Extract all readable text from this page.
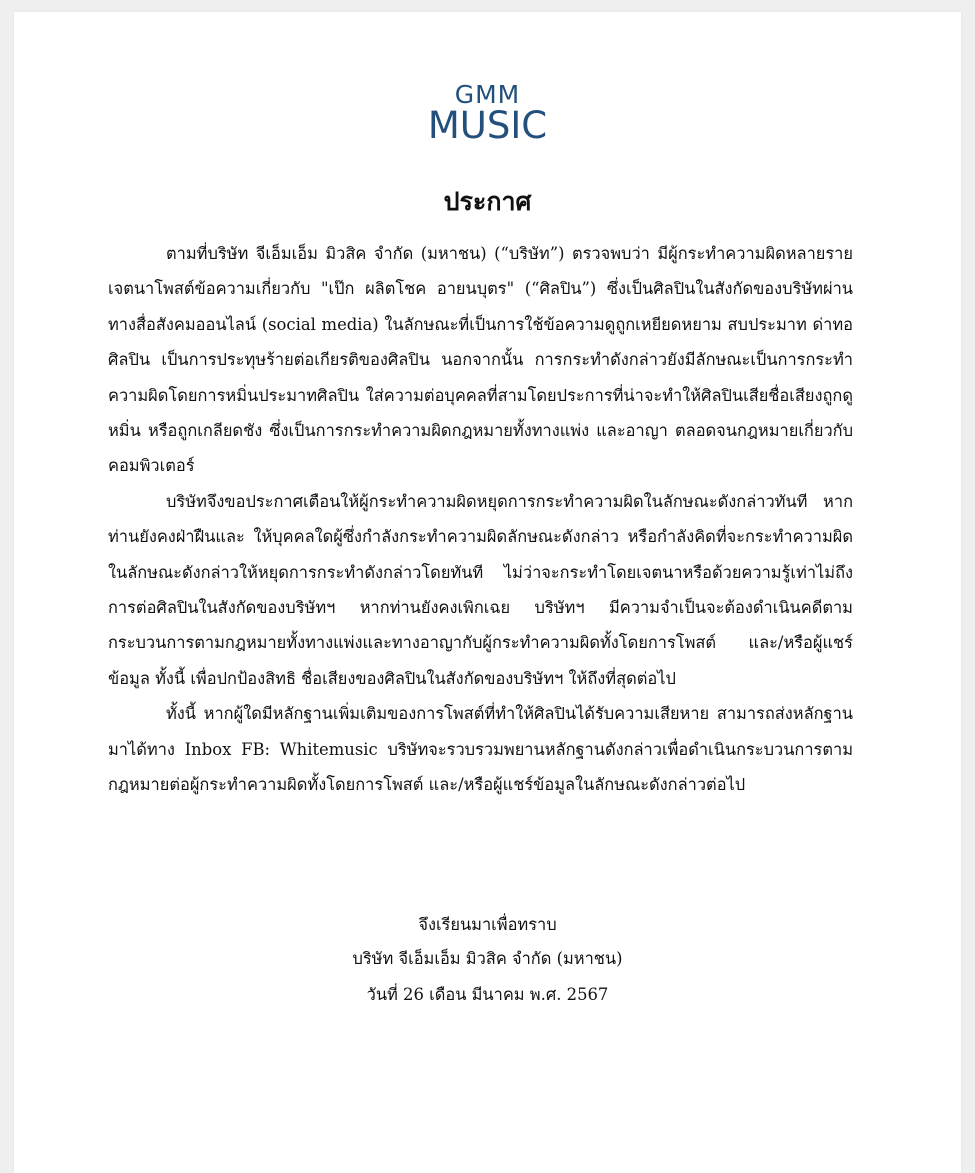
GMM
MUSIC
ประกาศ

ตามที่บริษัท จีเอ็มเอ็ม มิวสิค จำกัด (มหาชน) (“บริษัท”) ตรวจพบว่า มีผู้กระทำความผิดหลายรายเจตนาโพสต์ข้อความเกี่ยวกับ "เป๊ก ผลิตโชค อายนบุตร" (“ศิลปิน”) ซึ่งเป็นศิลปินในสังกัดของบริษัทผ่านทางสื่อสังคมออนไลน์ (social media) ในลักษณะที่เป็นการใช้ข้อความดูถูกเหยียดหยาม สบประมาท ด่าทอศิลปิน เป็นการประทุษร้ายต่อเกียรติของศิลปิน นอกจากนั้น การกระทำดังกล่าวยังมีลักษณะเป็นการกระทำความผิดโดยการหมิ่นประมาทศิลปิน ใส่ความต่อบุคคลที่สามโดยประการที่น่าจะทำให้ศิลปินเสียชื่อเสียงถูกดูหมิ่น หรือถูกเกลียดชัง ซึ่งเป็นการกระทำความผิดกฎหมายทั้งทางแพ่ง และอาญา ตลอดจนกฎหมายเกี่ยวกับคอมพิวเตอร์

บริษัทจึงขอประกาศเตือนให้ผู้กระทำความผิดหยุดการกระทำความผิดในลักษณะดังกล่าวทันที หากท่านยังคงฝ่าฝืนและ ให้บุคคลใดผู้ซึ่งกำลังกระทำความผิดลักษณะดังกล่าว หรือกำลังคิดที่จะกระทำความผิดในลักษณะดังกล่าวให้หยุดการกระทำดังกล่าวโดยทันที ไม่ว่าจะกระทำโดยเจตนาหรือด้วยความรู้เท่าไม่ถึงการต่อศิลปินในสังกัดของบริษัทฯ หากท่านยังคงเพิกเฉย บริษัทฯ มีความจำเป็นจะต้องดำเนินคดีตามกระบวนการตามกฎหมายทั้งทางแพ่งและทางอาญากับผู้กระทำความผิดทั้งโดยการโพสต์ และ/หรือผู้แชร์ข้อมูล ทั้งนี้ เพื่อปกป้องสิทธิ ชื่อเสียงของศิลปินในสังกัดของบริษัทฯ ให้ถึงที่สุดต่อไป

ทั้งนี้ หากผู้ใดมีหลักฐานเพิ่มเติมของการโพสต์ที่ทำให้ศิลปินได้รับความเสียหาย สามารถส่งหลักฐานมาได้ทาง Inbox FB: Whitemusic บริษัทจะรวบรวมพยานหลักฐานดังกล่าวเพื่อดำเนินกระบวนการตามกฎหมายต่อผู้กระทำความผิดทั้งโดยการโพสต์ และ/หรือผู้แชร์ข้อมูลในลักษณะดังกล่าวต่อไป

จึงเรียนมาเพื่อทราบ
บริษัท จีเอ็มเอ็ม มิวสิค จำกัด (มหาชน)
วันที่ 26 เดือน มีนาคม พ.ศ. 2567
